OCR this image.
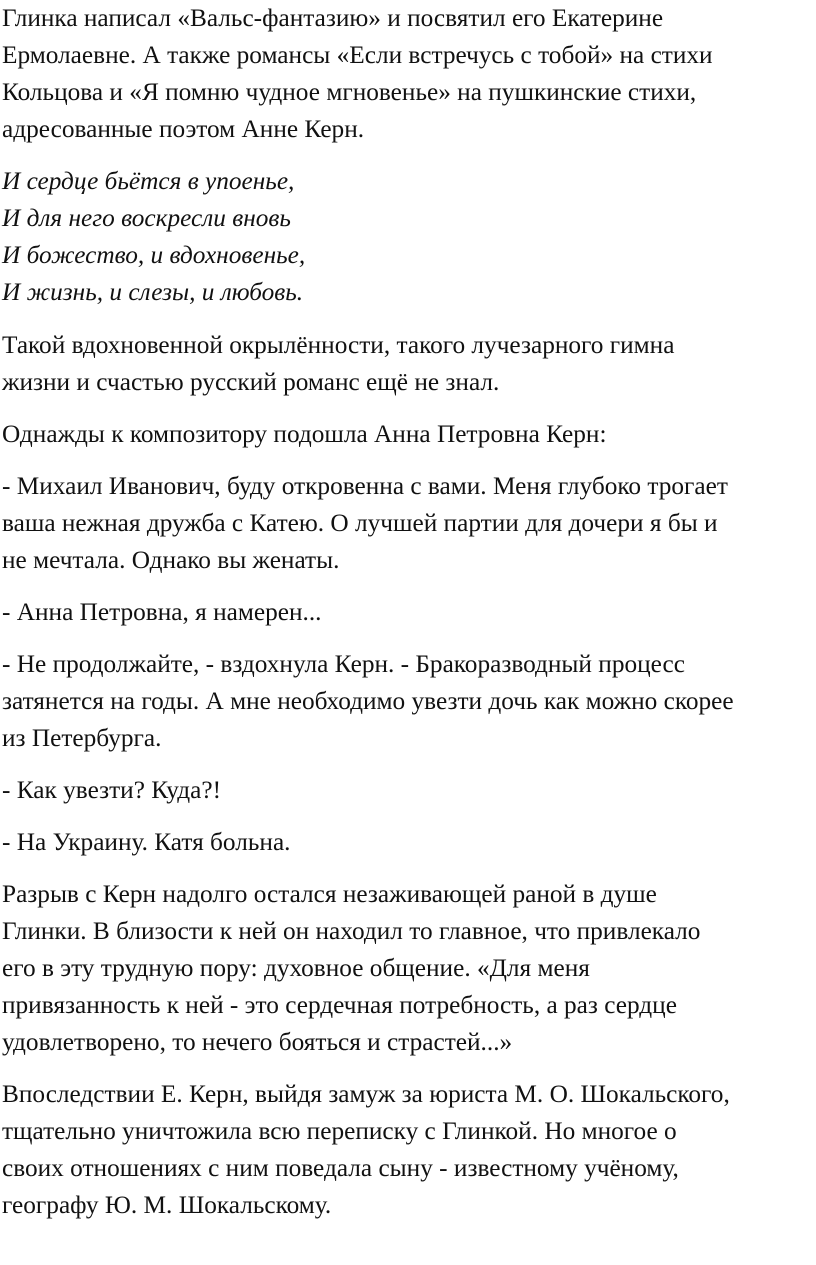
Глинка написал «Вальс-фантазию» и посвятил его Екатерине
Ермолаевне. А также романсы «Если встречусь с тобой» на стихи
Кольцова и «Я помню чудное мгновенье» на пушкинские стихи,
адресованные поэтом Анне Керн.
И сердце бьётся в упоенье,
И для него воскресли вновь
И божество, и вдохновенье,
И жизнь, и слезы, и любовь.
Такой вдохновенной окрылённости, такого лучезарного гимна
жизни и счастью русский романс ещё не знал.
Однажды к композитору подошла Анна Петровна Керн:
- Михаил Иванович, буду откровенна с вами. Меня глубоко трогает
ваша нежная дружба с Катею. О лучшей партии для дочери я бы и
не мечтала. Однако вы женаты.
- Анна Петровна, я намерен...
- Не продолжайте, - вздохнула Керн. - Бракоразводный процесс
затянется на годы. А мне необходимо увезти дочь как можно скорее
из Петербурга.
- Как увезти? Куда?!
- На Украину. Катя больна.
Разрыв с Керн надолго остался незаживающей раной в душе
Глинки. В близости к ней он находил то главное, что привлекало
его в эту трудную пору: духовное общение. «Для меня
привязанность к ней - это сердечная потребность, а раз сердце
удовлетворено, то нечего бояться и страстей...»
Впоследствии Е. Керн, выйдя замуж за юриста М. О. Шокальского,
тщательно уничтожила всю переписку с Глинкой. Но многое о
своих отношениях с ним поведала сыну - известному учёному,
географу Ю. М. Шокальскому.
